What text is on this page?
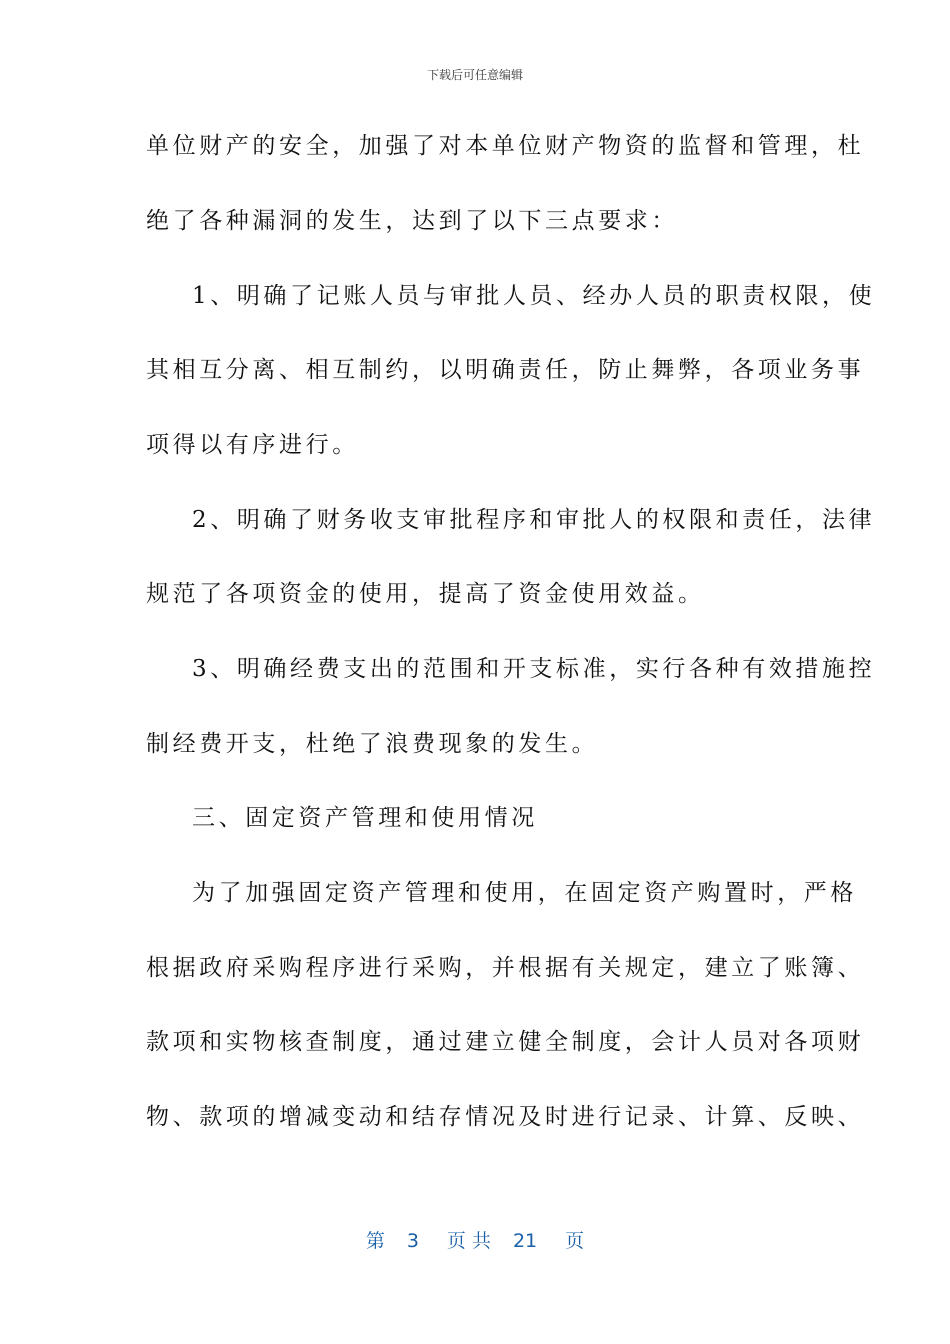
下载后可任意编辑
单位财产的安全，加强了对本单位财产物资的监督和管理，杜
绝了各种漏洞的发生，达到了以下三点要求：
1、明确了记账人员与审批人员、经办人员的职责权限，使
其相互分离、相互制约，以明确责任，防止舞弊，各项业务事
项得以有序进行。
2、明确了财务收支审批程序和审批人的权限和责任，法律
规范了各项资金的使用，提高了资金使用效益。
3、明确经费支出的范围和开支标准，实行各种有效措施控
制经费开支，杜绝了浪费现象的发生。
三、固定资产管理和使用情况
为了加强固定资产管理和使用，在固定资产购置时，严格
根据政府采购程序进行采购，并根据有关规定，建立了账簿、
款项和实物核查制度，通过建立健全制度，会计人员对各项财
物、款项的增减变动和结存情况及时进行记录、计算、反映、
第 3 页 共 21 页
